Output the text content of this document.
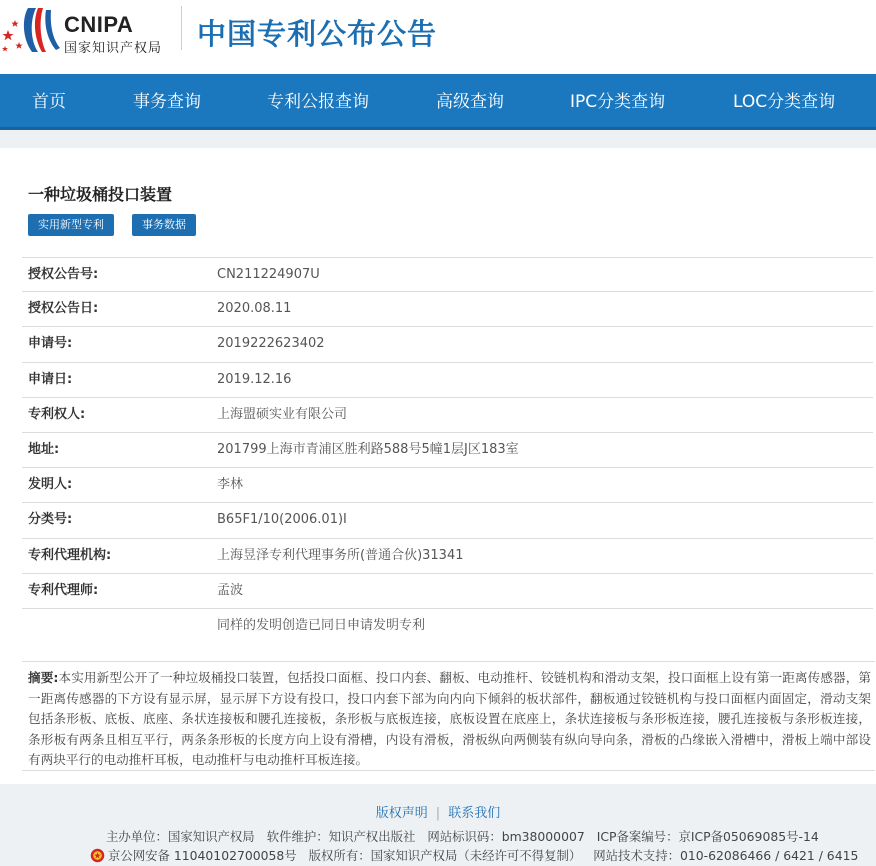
CNIPA
国家知识产权局 中国专利公布公告
首页	事务查询	专利公报查询	高级查询	IPC分类查询	LOC分类查询
一种垃圾桶投口装置
实用新型专利	事务数据
授权公告号:	CN211224907U
授权公告日:	2020.08.11
申请号:	2019222623402
申请日:	2019.12.16
专利权人:	上海盟硕实业有限公司
地址:	201799上海市青浦区胜利路588号5幢1层J区183室
发明人:	李林
分类号:	B65F1/10(2006.01)I
专利代理机构:	上海昱泽专利代理事务所(普通合伙)31341
专利代理师:	孟波
同样的发明创造已同日申请发明专利

摘要:本实用新型公开了一种垃圾桶投口装置，包括投口面框、投口内套、翻板、电动推杆、铰链机构和滑动支架，投口面框上设有第一距离传感器，第一距离传感器的下方设有显示屏，显示屏下方设有投口，投口内套下部为向内向下倾斜的板状部件，翻板通过铰链机构与投口面框内面固定，滑动支架包括条形板、底板、底座、条状连接板和腰孔连接板，条形板与底板连接，底板设置在底座上，条状连接板与条形板连接，腰孔连接板与条形板连接，条形板有两条且相互平行，两条条形板的长度方向上设有滑槽，内设有滑板，滑板纵向两侧装有纵向导向条，滑板的凸缘嵌入滑槽中，滑板上端中部设有两块平行的电动推杆耳板，电动推杆与电动推杆耳板连接。

版权声明 | 联系我们
主办单位：国家知识产权局 软件维护：知识产权出版社 网站标识码：bm38000007 ICP备案编号：京ICP备05069085号-14
京公网安备 11040102700058号 版权所有：国家知识产权局（未经许可不得复制） 网站技术支持：010-62086466 / 6421 / 6415
